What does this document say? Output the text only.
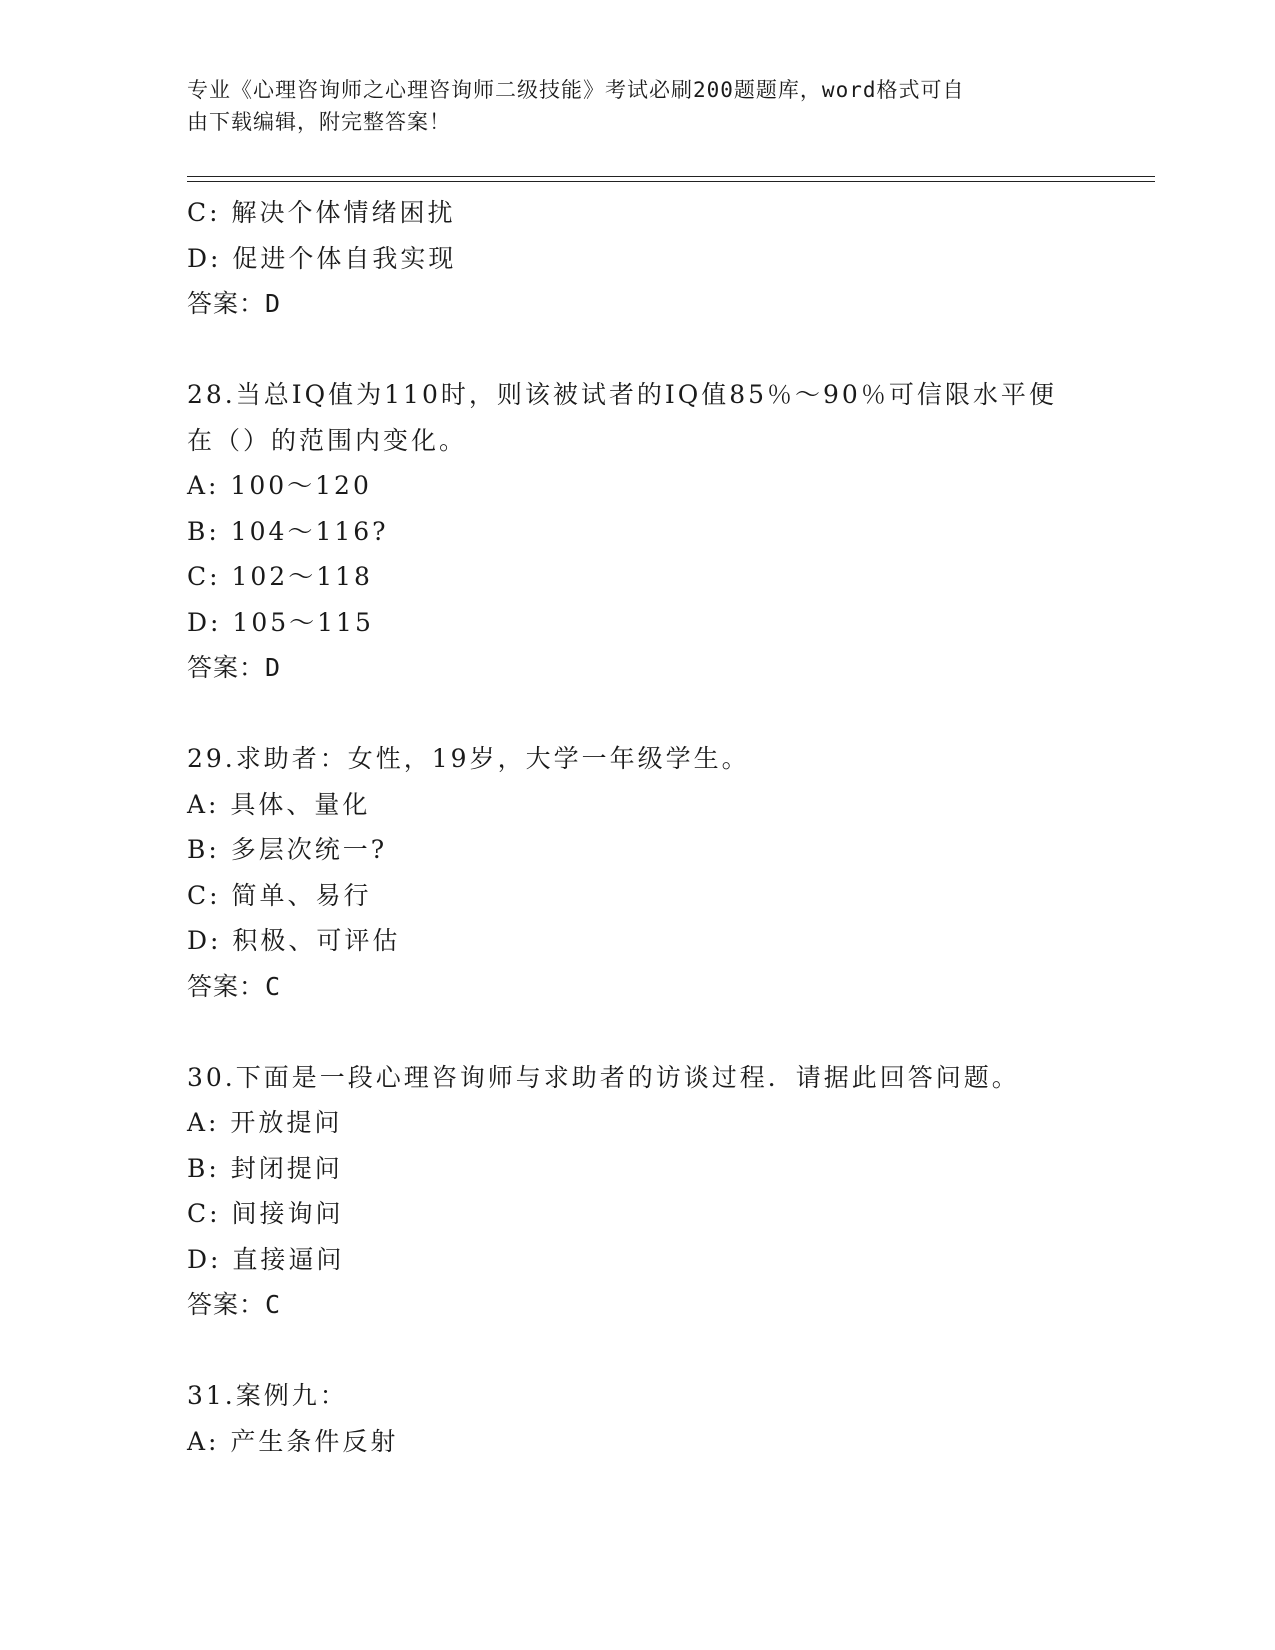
专业《心理咨询师之心理咨询师二级技能》考试必刷200题题库，word格式可自
由下载编辑，附完整答案！
C: 解决个体情绪困扰
D: 促进个体自我实现
答案：D
28.当总IQ值为110时，则该被试者的IQ值85％～90％可信限水平便
在（）的范围内变化。
A: 100～120
B: 104～116?
C: 102～118
D: 105～115
答案：D
29.求助者：女性，19岁，大学一年级学生。
A: 具体、量化
B: 多层次统一?
C: 简单、易行
D: 积极、可评估
答案：C
30.下面是一段心理咨询师与求助者的访谈过程．请据此回答问题。
A: 开放提问
B: 封闭提问
C: 间接询问
D: 直接逼问
答案：C
31.案例九：
A: 产生条件反射
